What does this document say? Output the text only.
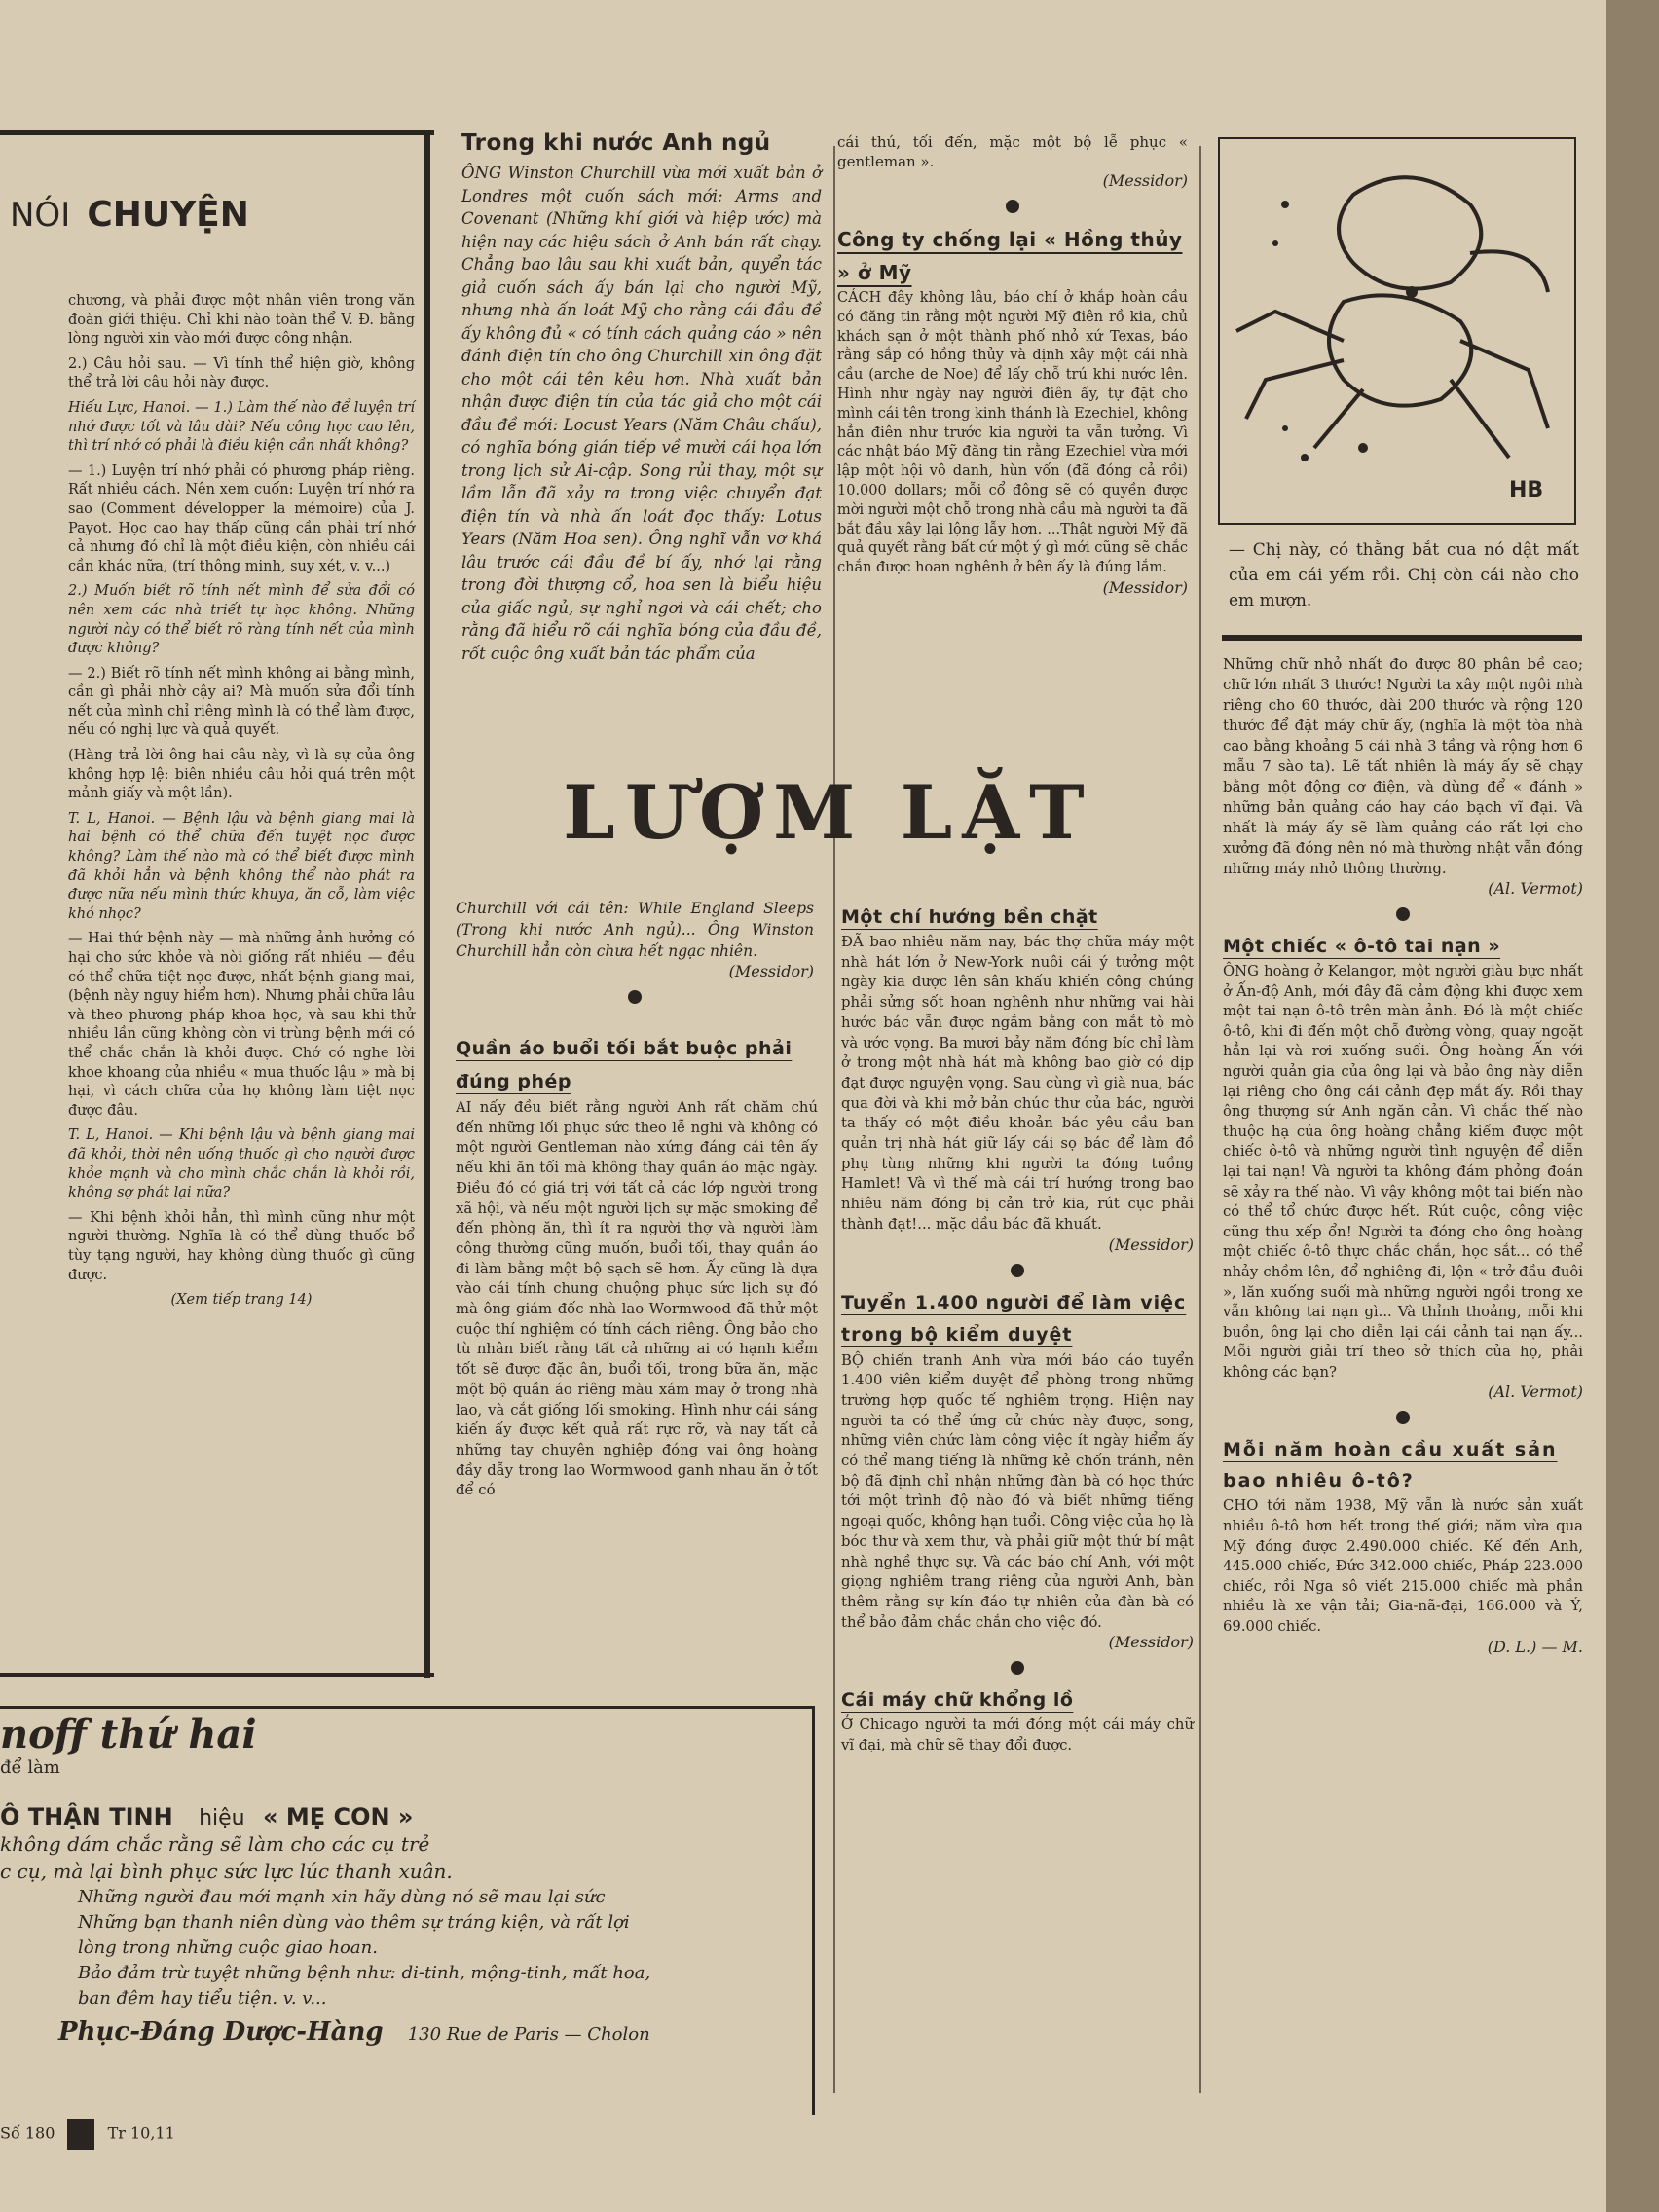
NÓI CHUYỆN

chương, và phải được một nhân viên trong văn đoàn giới thiệu. Chỉ khi nào toàn thể V. Đ. bằng lòng người xin vào mới được công nhận.

2.) Câu hỏi sau. — Vì tính thể hiện giờ, không thể trả lời câu hỏi này được.

Hiếu Lực, Hanoi. — 1.) Làm thế nào để luyện trí nhớ được tốt và lâu dài? Nếu công học cao lên, thì trí nhớ có phải là điều kiện cần nhất không?

— 1.) Luyện trí nhớ phải có phương pháp riêng. Rất nhiều cách. Nên xem cuốn: Luyện trí nhớ ra sao (Comment développer la mémoire) của J. Payot. Học cao hay thấp cũng cần phải trí nhớ cả nhưng đó chỉ là một điều kiện, còn nhiều cái cần khác nữa, (trí thông minh, suy xét, v. v...)

2.) Muốn biết rõ tính nết mình để sửa đổi có nên xem các nhà triết tự học không. Những người này có thể biết rõ ràng tính nết của mình được không?

— 2.) Biết rõ tính nết mình không ai bằng mình, cần gì phải nhờ cậy ai? Mà muốn sửa đổi tính nết của mình chỉ riêng mình là có thể làm được, nếu có nghị lực và quả quyết.

(Hàng trả lời ông hai câu này, vì là sự của ông không hợp lệ: biên nhiều câu hỏi quá trên một mảnh giấy và một lần).

T. L, Hanoi. — Bệnh lậu và bệnh giang mai là hai bệnh có thể chữa đến tuyệt nọc được không? Làm thế nào mà có thể biết được mình đã khỏi hẳn và bệnh không thể nào phát ra được nữa nếu mình thức khuya, ăn cỗ, làm việc khó nhọc?

— Hai thứ bệnh này — mà những ảnh hưởng có hại cho sức khỏe và nòi giống rất nhiều — đều có thể chữa tiệt nọc được, nhất bệnh giang mai, (bệnh này nguy hiểm hơn). Nhưng phải chữa lâu và theo phương pháp khoa học, và sau khi thử nhiều lần cũng không còn vi trùng bệnh mới có thể chắc chắn là khỏi được. Chớ có nghe lời khoe khoang của nhiều « mua thuốc lậu » mà bị hại, vì cách chữa của họ không làm tiệt nọc được đâu.

T. L, Hanoi. — Khi bệnh lậu và bệnh giang mai đã khỏi, thời nên uống thuốc gì cho người được khỏe mạnh và cho mình chắc chắn là khỏi rồi, không sợ phát lại nữa?

— Khi bệnh khỏi hẳn, thì mình cũng như một người thường. Nghĩa là có thể dùng thuốc bổ tùy tạng người, hay không dùng thuốc gì cũng được.

(Xem tiếp trang 14)

Trong khi nước Anh ngủ
ÔNG Winston Churchill vừa mới xuất bản ở Londres một cuốn sách mới: Arms and Covenant (Những khí giới và hiệp ước) mà hiện nay các hiệu sách ở Anh bán rất chạy. Chẳng bao lâu sau khi xuất bản, quyển tác giả cuốn sách ấy bán lại cho người Mỹ, nhưng nhà ấn loát Mỹ cho rằng cái đầu đề ấy không đủ « có tính cách quảng cáo » nên đánh điện tín cho ông Churchill xin ông đặt cho một cái tên kêu hơn. Nhà xuất bản nhận được điện tín của tác giả cho một cái đầu đề mới: Locust Years (Năm Châu chấu), có nghĩa bóng gián tiếp về mười cái họa lớn trong lịch sử Ai-cập. Song rủi thay, một sự lầm lẫn đã xảy ra trong việc chuyển đạt điện tín và nhà ấn loát đọc thấy: Lotus Years (Năm Hoa sen). Ông nghĩ vẫn vơ khá lâu trước cái đầu đề bí ấy, nhớ lại rằng trong đời thượng cổ, hoa sen là biểu hiệu của giấc ngủ, sự nghỉ ngơi và cái chết; cho rằng đã hiểu rõ cái nghĩa bóng của đầu đề, rốt cuộc ông xuất bản tác phẩm của
cái thú, tối đến, mặc một bộ lễ phục « gentleman ».
(Messidor)
Công ty chống lại « Hồng thủy » ở Mỹ
CÁCH đây không lâu, báo chí ở khắp hoàn cầu có đăng tin rằng một người Mỹ điên rồ kia, chủ khách sạn ở một thành phố nhỏ xứ Texas, báo rằng sắp có hồng thủy và định xây một cái nhà cầu (arche de Noe) để lấy chỗ trú khi nước lên. Hình như ngày nay người điên ấy, tự đặt cho mình cái tên trong kinh thánh là Ezechiel, không hẳn điên như trước kia người ta vẫn tưởng. Vì các nhật báo Mỹ đăng tin rằng Ezechiel vừa mới lập một hội vô danh, hùn vốn (đã đóng cả rồi) 10.000 dollars; mỗi cổ đông sẽ có quyền được mời người một chỗ trong nhà cầu mà người ta đã bắt đầu xây lại lộng lẫy hơn. ...Thật người Mỹ đã quả quyết rằng bất cứ một ý gì mới cũng sẽ chắc chắn được hoan nghênh ở bên ấy là đúng lắm.
(Messidor)
HB
— Chị này, có thằng bắt cua nó dật mất của em cái yếm rồi. Chị còn cái nào cho em mượn.
Những chữ nhỏ nhất đo được 80 phân bề cao; chữ lớn nhất 3 thước! Người ta xây một ngôi nhà riêng cho 60 thước, dài 200 thước và rộng 120 thước để đặt máy chữ ấy, (nghĩa là một tòa nhà cao bằng khoảng 5 cái nhà 3 tầng và rộng hơn 6 mẫu 7 sào ta). Lẽ tất nhiên là máy ấy sẽ chạy bằng một động cơ điện, và dùng để « đánh » những bản quảng cáo hay cáo bạch vĩ đại. Và nhất là máy ấy sẽ làm quảng cáo rất lợi cho xưởng đã đóng nên nó mà thường nhật vẫn đóng những máy nhỏ thông thường.
(Al. Vermot)
Một chiếc « ô-tô tai nạn »
ÔNG hoàng ở Kelangor, một người giàu bực nhất ở Ấn-độ Anh, mới đây đã cảm động khi được xem một tai nạn ô-tô trên màn ảnh. Đó là một chiếc ô-tô, khi đi đến một chỗ đường vòng, quay ngoặt hẳn lại và rơi xuống suối. Ông hoàng Ấn với người quản gia của ông lại và bảo ông này diễn lại riêng cho ông cái cảnh đẹp mắt ấy. Rồi thay ông thượng sứ Anh ngăn cản. Vì chắc thế nào thuộc hạ của ông hoàng chẳng kiếm được một chiếc ô-tô và những người tình nguyện để diễn lại tai nạn! Và người ta không đám phỏng đoán sẽ xảy ra thế nào. Vì vậy không một tai biến nào có thể tổ chức được hết. Rút cuộc, công việc cũng thu xếp ổn! Người ta đóng cho ông hoàng một chiếc ô-tô thực chắc chắn, học sắt... có thể nhảy chồm lên, đổ nghiêng đi, lộn « trở đầu đuôi », lăn xuống suối mà những người ngồi trong xe vẫn không tai nạn gì... Và thỉnh thoảng, mỗi khi buồn, ông lại cho diễn lại cái cảnh tai nạn ấy... Mỗi người giải trí theo sở thích của họ, phải không các bạn?
(Al. Vermot)
Mỗi năm hoàn cầu xuất sản bao nhiêu ô-tô?
CHO tới năm 1938, Mỹ vẫn là nước sản xuất nhiều ô-tô hơn hết trong thế giới; năm vừa qua Mỹ đóng được 2.490.000 chiếc. Kế đến Anh, 445.000 chiếc, Đức 342.000 chiếc, Pháp 223.000 chiếc, rồi Nga sô viết 215.000 chiếc mà phần nhiều là xe vận tải; Gia-nã-đại, 166.000 và Ý, 69.000 chiếc.
(D. L.) — M.
LƯỢM LẶT
Churchill với cái tên: While England Sleeps (Trong khi nước Anh ngủ)... Ông Winston Churchill hẳn còn chưa hết ngạc nhiên.
(Messidor)
Quần áo buổi tối bắt buộc phải đúng phép
AI nấy đều biết rằng người Anh rất chăm chú đến những lối phục sức theo lễ nghi và không có một người Gentleman nào xứng đáng cái tên ấy nếu khi ăn tối mà không thay quần áo mặc ngày. Điều đó có giá trị với tất cả các lớp người trong xã hội, và nếu một người lịch sự mặc smoking để đến phòng ăn, thì ít ra người thợ và người làm công thường cũng muốn, buổi tối, thay quần áo đi làm bằng một bộ sạch sẽ hơn. Ấy cũng là dựa vào cái tính chung chuộng phục sức lịch sự đó mà ông giám đốc nhà lao Wormwood đã thử một cuộc thí nghiệm có tính cách riêng. Ông bảo cho tù nhân biết rằng tất cả những ai có hạnh kiểm tốt sẽ được đặc ân, buổi tối, trong bữa ăn, mặc một bộ quần áo riêng màu xám may ở trong nhà lao, và cắt giống lối smoking. Hình như cái sáng kiến ấy được kết quả rất rực rỡ, và nay tất cả những tay chuyên nghiệp đóng vai ông hoàng đầy dẫy trong lao Wormwood ganh nhau ăn ở tốt để có
Một chí hướng bền chặt
ĐÃ bao nhiêu năm nay, bác thợ chữa máy một nhà hát lớn ở New-York nuôi cái ý tưởng một ngày kia được lên sân khấu khiến công chúng phải sửng sốt hoan nghênh như những vai hài hước bác vẫn được ngắm bằng con mắt tò mò và ước vọng. Ba mươi bảy năm đóng bíc chỉ làm ở trong một nhà hát mà không bao giờ có dịp đạt được nguyện vọng. Sau cùng vì già nua, bác qua đời và khi mở bản chúc thư của bác, người ta thấy có một điều khoản bác yêu cầu ban quản trị nhà hát giữ lấy cái sọ bác để làm đồ phụ tùng những khi người ta đóng tuồng Hamlet! Và vì thế mà cái trí hướng trong bao nhiêu năm đóng bị cản trở kia, rút cục phải thành đạt!... mặc dầu bác đã khuất.
(Messidor)
Tuyển 1.400 người để làm việc trong bộ kiểm duyệt
BỘ chiến tranh Anh vừa mới báo cáo tuyển 1.400 viên kiểm duyệt để phòng trong những trường hợp quốc tế nghiêm trọng. Hiện nay người ta có thể ứng cử chức này được, song, những viên chức làm công việc ít ngày hiểm ấy có thể mang tiếng là những kẻ chốn tránh, nên bộ đã định chỉ nhận những đàn bà có học thức tới một trình độ nào đó và biết những tiếng ngoại quốc, không hạn tuổi. Công việc của họ là bóc thư và xem thư, và phải giữ một thứ bí mật nhà nghề thực sự. Và các báo chí Anh, với một giọng nghiêm trang riêng của người Anh, bàn thêm rằng sự kín đáo tự nhiên của đàn bà có thể bảo đảm chắc chắn cho việc đó.
(Messidor)
Cái máy chữ khổng lồ
Ở Chicago người ta mới đóng một cái máy chữ vĩ đại, mà chữ sẽ thay đổi được.
noff thứ hai
để làm
Ô THẬN TINH hiệu « MẸ CON »
không dám chắc rằng sẽ làm cho các cụ trẻ
c cụ, mà lại bình phục sức lực lúc thanh xuân.
Những người đau mới mạnh xin hãy dùng nó sẽ mau lại sức
Những bạn thanh niên dùng vào thêm sự tráng kiện, và rất lợi
lòng trong những cuộc giao hoan.
Bảo đảm trừ tuyệt những bệnh như: di-tinh, mộng-tinh, mất hoa,
ban đêm hay tiểu tiện. v. v...
Phục-Đáng Dược-Hàng 130 Rue de Paris — Cholon
Số 180	Tr 10,11
